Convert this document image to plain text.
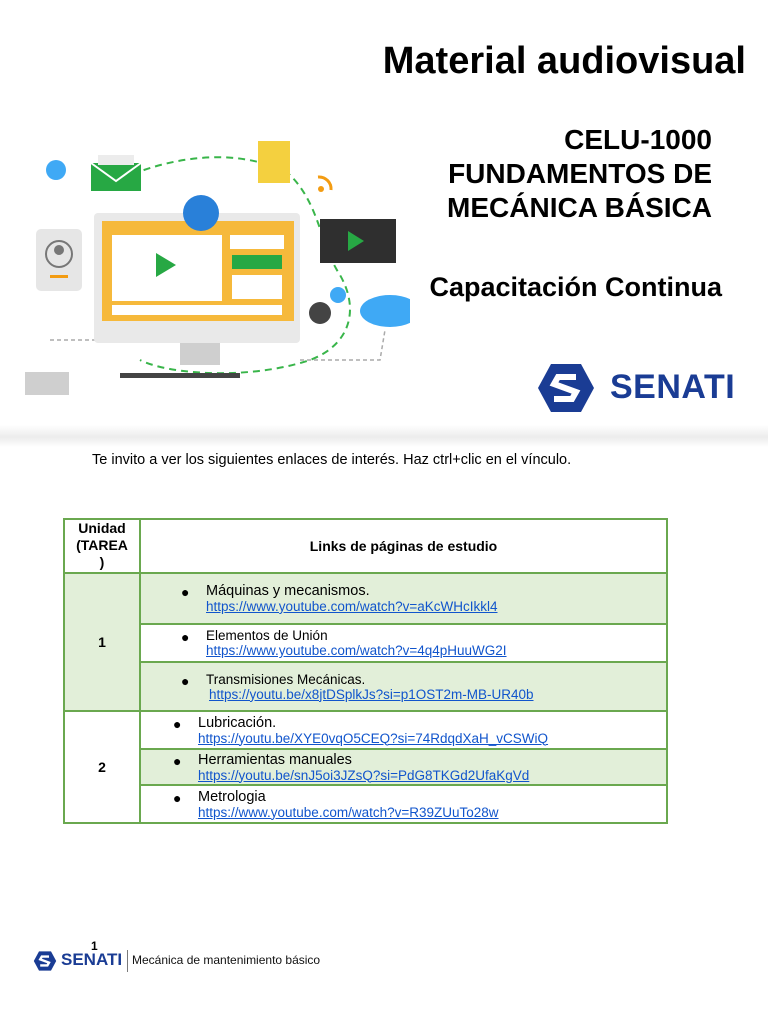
Material audiovisual
CELU-1000
FUNDAMENTOS DE
MECÁNICA BÁSICA
Capacitación Continua
SENATI
Te invito a ver los siguientes enlaces de interés. Haz ctrl+clic en el vínculo.
Unidad
(TAREA
)	Links de páginas de estudio
1	● Máquinas y mecanismos.
https://www.youtube.com/watch?v=aKcWHcIkkl4

	● Elementos de Unión
https://www.youtube.com/watch?v=4q4pHuuWG2I

	● Transmisiones Mecánicas.
https://youtu.be/x8jtDSplkJs?si=p1OST2m-MB-UR40b

2	● Lubricación.
https://youtu.be/XYE0vqO5CEQ?si=74RdqdXaH_vCSWiQ

	● Herramientas manuales
https://youtu.be/snJ5oi3JZsQ?si=PdG8TKGd2UfaKgVd

	● Metrologia
https://www.youtube.com/watch?v=R39ZUuTo28w
1
SENATI Mecánica de mantenimiento básico
